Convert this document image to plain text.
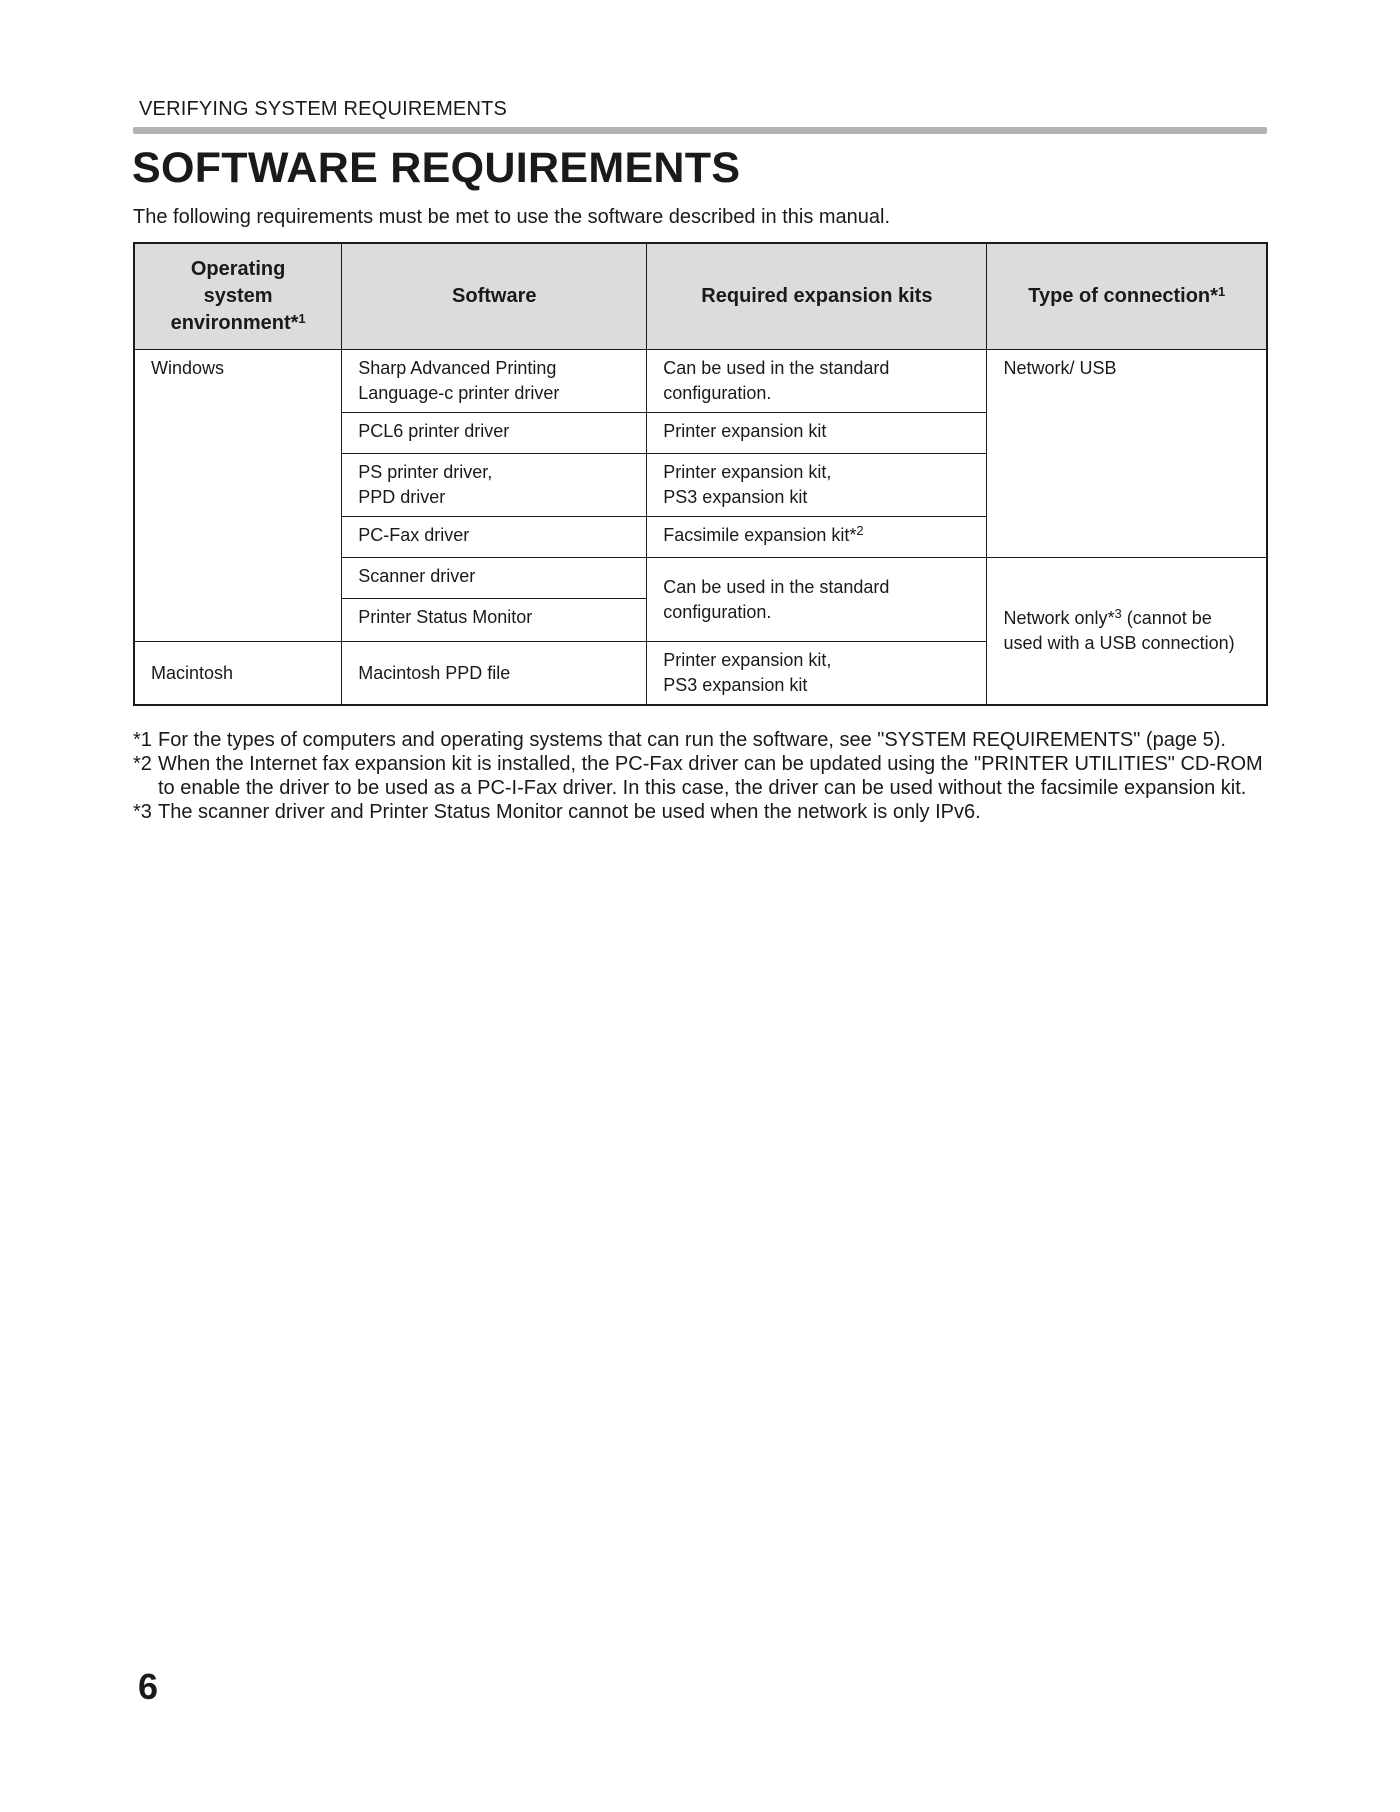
VERIFYING SYSTEM REQUIREMENTS
SOFTWARE REQUIREMENTS
The following requirements must be met to use the software described in this manual.
Operating system environment*$^1$	Software	Required expansion kits	Type of connection*$^1$
Windows	Sharp Advanced Printing Language-c printer driver	Can be used in the standard configuration.	Network/ USB
	PCL6 printer driver	Printer expansion kit	

	PS printer driver, PPD driver	Printer expansion kit, PS3 expansion kit	

	PC-Fax driver	Facsimile expansion kit*$^2$
	Scanner driver	Can be used in the standard configuration.	Network only*$^3$ (cannot be used with a USB connection)
	Printer Status Monitor		
Macintosh	Macintosh PPD file	Printer expansion kit, PS3 expansion kit	
*1 For the types of computers and operating systems that can run the software, see "SYSTEM REQUIREMENTS" (page 5).
*2 When the Internet fax expansion kit is installed, the PC-Fax driver can be updated using the "PRINTER UTILITIES" CD-ROM to enable the driver to be used as a PC-I-Fax driver. In this case, the driver can be used without the facsimile expansion kit.
*3 The scanner driver and Printer Status Monitor cannot be used when the network is only IPv6.
6
